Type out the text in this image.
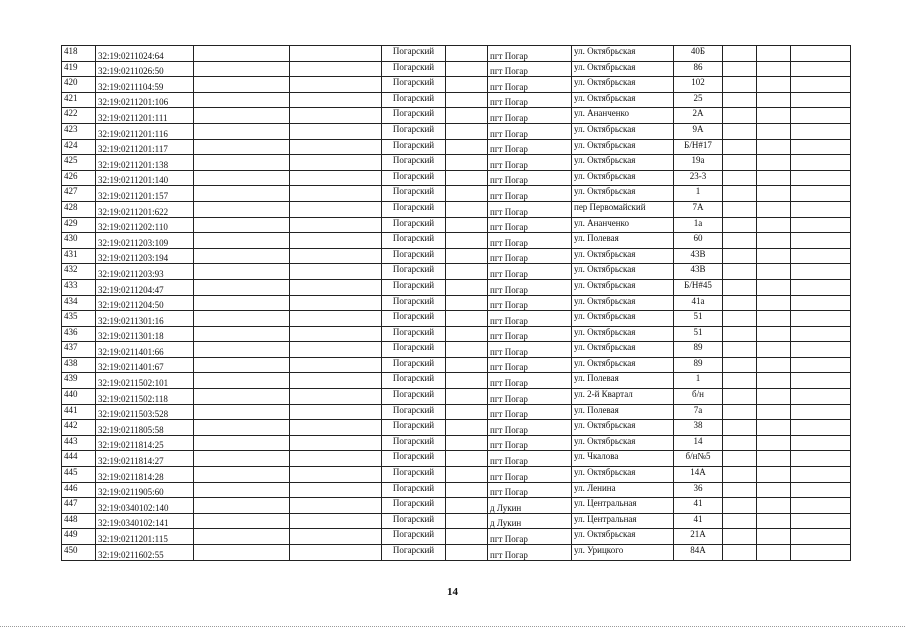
418	32:19:0211024:64			Погарский		пгт Погар	ул. Октябрьская	40Б			
419	32:19:0211026:50			Погарский		пгт Погар	ул. Октябрьская	86			
420	32:19:0211104:59			Погарский		пгт Погар	ул. Октябрьская	102			
421	32:19:0211201:106			Погарский		пгт Погар	ул. Октябрьская	25			
422	32:19:0211201:111			Погарский		пгт Погар	ул. Ананченко	2А			
423	32:19:0211201:116			Погарский		пгт Погар	ул. Октябрьская	9А			
424	32:19:0211201:117			Погарский		пгт Погар	ул. Октябрьская	Б/Н#17			
425	32:19:0211201:138			Погарский		пгт Погар	ул. Октябрьская	19а			
426	32:19:0211201:140			Погарский		пгт Погар	ул. Октябрьская	23-3			
427	32:19:0211201:157			Погарский		пгт Погар	ул. Октябрьская	1			
428	32:19:0211201:622			Погарский		пгт Погар	пер Первомайский	7А			
429	32:19:0211202:110			Погарский		пгт Погар	ул. Ананченко	1а			
430	32:19:0211203:109			Погарский		пгт Погар	ул. Полевая	60			
431	32:19:0211203:194			Погарский		пгт Погар	ул. Октябрьская	43В			
432	32:19:0211203:93			Погарский		пгт Погар	ул. Октябрьская	43В			
433	32:19:0211204:47			Погарский		пгт Погар	ул. Октябрьская	Б/Н#45			
434	32:19:0211204:50			Погарский		пгт Погар	ул. Октябрьская	41а			
435	32:19:0211301:16			Погарский		пгт Погар	ул. Октябрьская	51			
436	32:19:0211301:18			Погарский		пгт Погар	ул. Октябрьская	51			
437	32:19:0211401:66			Погарский		пгт Погар	ул. Октябрьская	89			
438	32:19:0211401:67			Погарский		пгт Погар	ул. Октябрьская	89			
439	32:19:0211502:101			Погарский		пгт Погар	ул. Полевая	1			
440	32:19:0211502:118			Погарский		пгт Погар	ул. 2-й Квартал	б/н			
441	32:19:0211503:528			Погарский		пгт Погар	ул. Полевая	7а			
442	32:19:0211805:58			Погарский		пгт Погар	ул. Октябрьская	38			
443	32:19:0211814:25			Погарский		пгт Погар	ул. Октябрьская	14			
444	32:19:0211814:27			Погарский		пгт Погар	ул. Чкалова	б/н№5			
445	32:19:0211814:28			Погарский		пгт Погар	ул. Октябрьская	14А			
446	32:19:0211905:60			Погарский		пгт Погар	ул. Ленина	36			
447	32:19:0340102:140			Погарский		д Лукин	ул. Центральная	41			
448	32:19:0340102:141			Погарский		д Лукин	ул. Центральная	41			
449	32:19:0211201:115			Погарский		пгт Погар	ул. Октябрьская	21А			
450	32:19:0211602:55			Погарский		пгт Погар	ул. Урицкого	84А			
14
